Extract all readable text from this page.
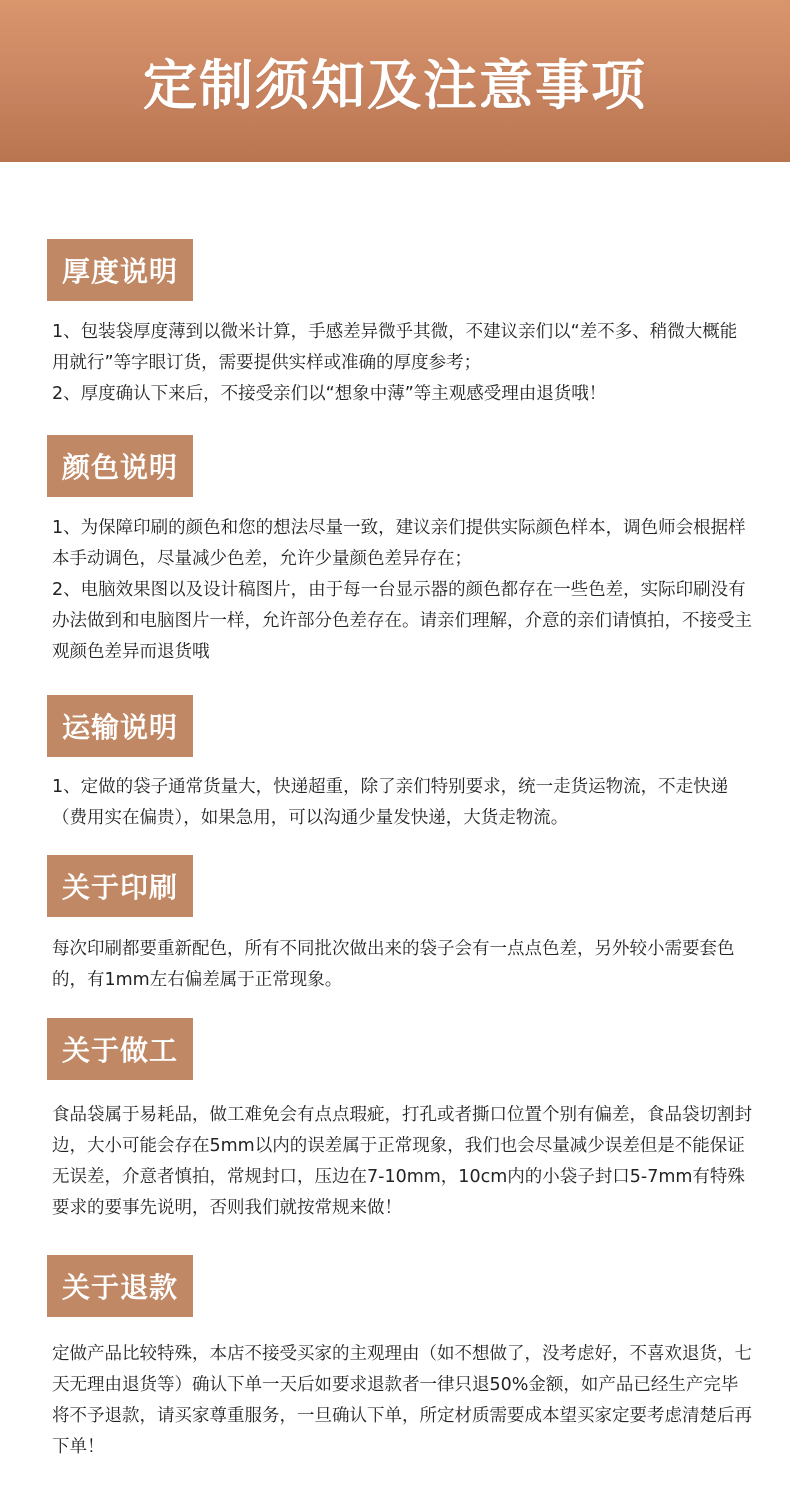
定制须知及注意事项
厚度说明

1、包装袋厚度薄到以微米计算，手感差异微乎其微，不建议亲们以“差不多、稍微大概能用就行”等字眼订货，需要提供实样或准确的厚度参考；

2、厚度确认下来后，不接受亲们以“想象中薄”等主观感受理由退货哦！

颜色说明

1、为保障印刷的颜色和您的想法尽量一致，建议亲们提供实际颜色样本，调色师会根据样本手动调色，尽量减少色差，允许少量颜色差异存在；

2、电脑效果图以及设计稿图片，由于每一台显示器的颜色都存在一些色差，实际印刷没有办法做到和电脑图片一样，允许部分色差存在。请亲们理解，介意的亲们请慎拍，不接受主观颜色差异而退货哦

运输说明

1、定做的袋子通常货量大，快递超重，除了亲们特别要求，统一走货运物流，不走快递（费用实在偏贵），如果急用，可以沟通少量发快递，大货走物流。

关于印刷

每次印刷都要重新配色，所有不同批次做出来的袋子会有一点点色差，另外较小需要套色的，有1mm左右偏差属于正常现象。

关于做工

食品袋属于易耗品，做工难免会有点点瑕疵，打孔或者撕口位置个别有偏差，食品袋切割封边，大小可能会存在5mm以内的误差属于正常现象，我们也会尽量减少误差但是不能保证无误差，介意者慎拍，常规封口，压边在7-10mm，10cm内的小袋子封口5-7mm有特殊要求的要事先说明，否则我们就按常规来做！

关于退款

定做产品比较特殊，本店不接受买家的主观理由（如不想做了，没考虑好，不喜欢退货，七天无理由退货等）确认下单一天后如要求退款者一律只退50%金额，如产品已经生产完毕将不予退款，请买家尊重服务，一旦确认下单，所定材质需要成本望买家定要考虑清楚后再下单！
